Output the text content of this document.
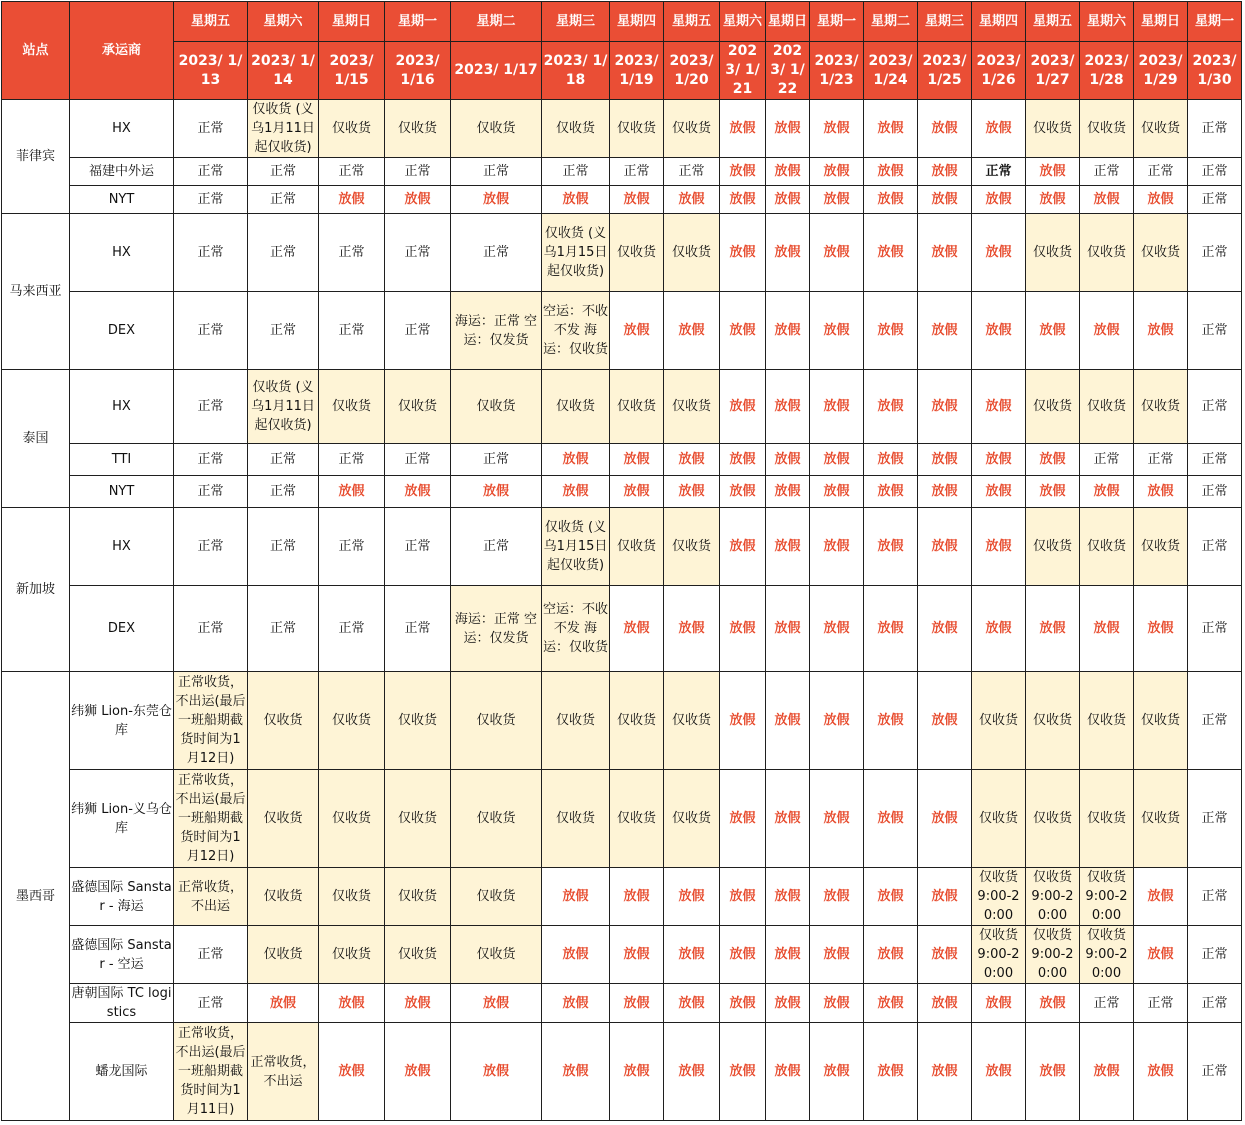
站点	承运商	星期五	星期六	星期日	星期一	星期二	星期三	星期四	星期五	星期六	星期日	星期一	星期二	星期三	星期四	星期五	星期六	星期日	星期一
		2023/ 1/13	2023/ 1/14	2023/ 1/15	2023/ 1/16	2023/ 1/17	2023/ 1/18	2023/ 1/19	2023/ 1/20	2023/ 1/21	2023/ 1/22	2023/ 1/23	2023/ 1/24	2023/ 1/25	2023/ 1/26	2023/ 1/27	2023/ 1/28	2023/ 1/29	2023/ 1/30
菲律宾	HX	正常	仅收货 (义乌1月11日起仅收货)	仅收货	仅收货	仅收货	仅收货	仅收货	仅收货	放假	放假	放假	放假	放假	放假	仅收货	仅收货	仅收货	正常
	福建中外运	正常	正常	正常	正常	正常	正常	正常	正常	放假	放假	放假	放假	放假	正常	放假	正常	正常	正常
	NYT	正常	正常	放假	放假	放假	放假	放假	放假	放假	放假	放假	放假	放假	放假	放假	放假	放假	正常
马来西亚	HX	正常	正常	正常	正常	正常	仅收货 (义乌1月15日起仅收货)	仅收货	仅收货	放假	放假	放假	放假	放假	放假	仅收货	仅收货	仅收货	正常
	DEX	正常	正常	正常	正常	海运：正常 空运：仅发货	空运：不收不发 海运：仅收货	放假	放假	放假	放假	放假	放假	放假	放假	放假	放假	放假	正常
泰国	HX	正常	仅收货 (义乌1月11日起仅收货)	仅收货	仅收货	仅收货	仅收货	仅收货	仅收货	放假	放假	放假	放假	放假	放假	仅收货	仅收货	仅收货	正常
	TTI	正常	正常	正常	正常	正常	放假	放假	放假	放假	放假	放假	放假	放假	放假	放假	正常	正常	正常
	NYT	正常	正常	放假	放假	放假	放假	放假	放假	放假	放假	放假	放假	放假	放假	放假	放假	放假	正常
新加坡	HX	正常	正常	正常	正常	正常	仅收货 (义乌1月15日起仅收货)	仅收货	仅收货	放假	放假	放假	放假	放假	放假	仅收货	仅收货	仅收货	正常
	DEX	正常	正常	正常	正常	海运：正常 空运：仅发货	空运：不收不发 海运：仅收货	放假	放假	放假	放假	放假	放假	放假	放假	放假	放假	放假	正常
墨西哥	纬狮 Lion-东莞仓库	正常收货，不出运(最后一班船期截货时间为1月12日)	仅收货	仅收货	仅收货	仅收货	仅收货	仅收货	仅收货	放假	放假	放假	放假	放假	仅收货	仅收货	仅收货	仅收货	正常
	纬狮 Lion-义乌仓库	正常收货，不出运(最后一班船期截货时间为1月12日)	仅收货	仅收货	仅收货	仅收货	仅收货	仅收货	仅收货	放假	放假	放假	放假	放假	仅收货	仅收货	仅收货	仅收货	正常
	盛德国际 Sanstar - 海运	正常收货，不出运	仅收货	仅收货	仅收货	仅收货	放假	放假	放假	放假	放假	放假	放假	放假	仅收货 9:00-20:00	仅收货 9:00-20:00	仅收货 9:00-20:00	放假	正常
	盛德国际 Sanstar - 空运	正常	仅收货	仅收货	仅收货	仅收货	放假	放假	放假	放假	放假	放假	放假	放假	仅收货 9:00-20:00	仅收货 9:00-20:00	仅收货 9:00-20:00	放假	正常
	唐朝国际 TC logistics	正常	放假	放假	放假	放假	放假	放假	放假	放假	放假	放假	放假	放假	放假	放假	正常	正常	正常
	蟠龙国际	正常收货，不出运(最后一班船期截货时间为1月11日)	正常收货，不出运	放假	放假	放假	放假	放假	放假	放假	放假	放假	放假	放假	放假	放假	放假	放假	正常
